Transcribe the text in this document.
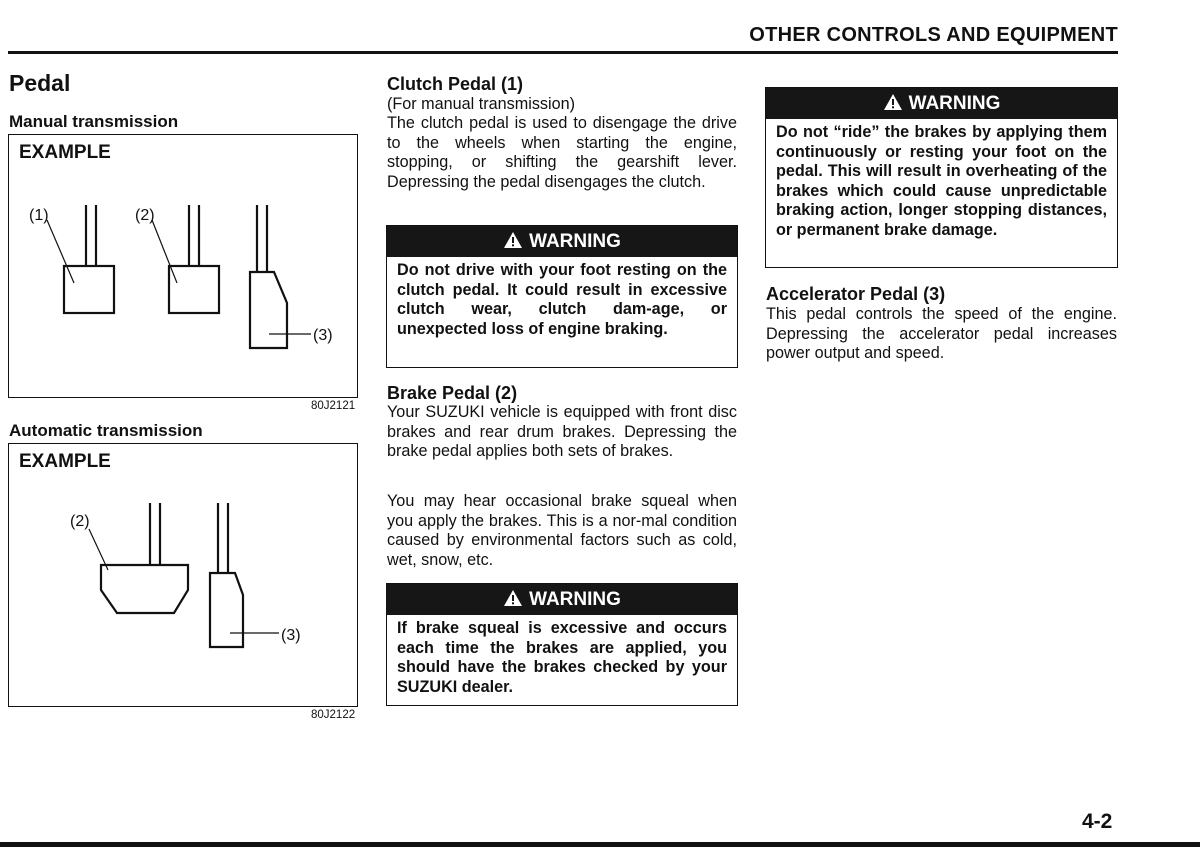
OTHER CONTROLS AND EQUIPMENT
Pedal
Manual transmission
EXAMPLE
(1)	(2)
(3)
80J2121
Automatic transmission
EXAMPLE
(2)
(3)
80J2122
Clutch Pedal (1)
(For manual transmission)
The clutch pedal is used to disengage the drive to the wheels when starting the engine, stopping, or shifting the gearshift lever. Depressing the pedal disengages the clutch.
WARNING
Do not drive with your foot resting on the clutch pedal. It could result in excessive clutch wear, clutch dam-age, or unexpected loss of engine braking.
Brake Pedal (2)
Your SUZUKI vehicle is equipped with front disc brakes and rear drum brakes. Depressing the brake pedal applies both sets of brakes.
You may hear occasional brake squeal when you apply the brakes. This is a nor-mal condition caused by environmental factors such as cold, wet, snow, etc.
WARNING
If brake squeal is excessive and occurs each time the brakes are applied, you should have the brakes checked by your SUZUKI dealer.
WARNING
Do not “ride” the brakes by applying them continuously or resting your foot on the pedal. This will result in overheating of the brakes which could cause unpredictable braking action, longer stopping distances, or permanent brake damage.
Accelerator Pedal (3)
This pedal controls the speed of the engine. Depressing the accelerator pedal increases power output and speed.
4-2
